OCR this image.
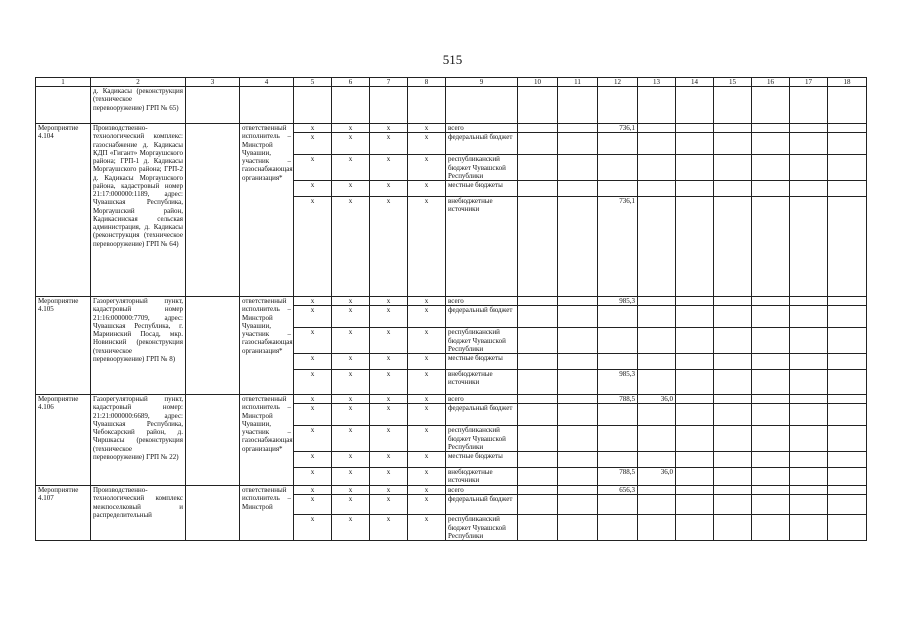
515
1	2	3	4	5	6	7	8	9	10	11	12	13	14	15	16	17	18
	д. Кадикасы (реконструкция (техническое перевооружение) ГРП № 65)																
Мероприятие 4.104	Производственно-технологический комплекс: газоснабжение д. Кадикасы КДП «Гигант» Моргаушского района; ГРП-1 д. Кадикасы Моргаушского района; ГРП-2 д. Кадикасы Моргаушского района, кадастровый номер 21:17:000000:1189, адрес: Чувашская Республика, Моргаушский район, Кадикасинская сельская администрация, д. Кадикасы (реконструкция (техническое перевооружение) ГРП № 64)		ответственный исполнитель – Минстрой Чувашии, участник – газоснабжающая организация*	x	x	x	x	всего			736,1						
				x	x	x	x	федеральный бюджет									
				x	x	x	x	республиканский бюджет Чувашской Республики									
				x	x	x	x	местные бюджеты									
				x	x	x	x	внебюджетные источники			736,1						
Мероприятие 4.105	Газорегуляторный пункт, кадастровый номер 21:16:000000:7709, адрес: Чувашская Республика, г. Мариинский Посад, мкр. Новинский (реконструкция (техническое перевооружение) ГРП № 8)		ответственный исполнитель – Минстрой Чувашии, участник – газоснабжающая организация*	x	x	x	x	всего			985,3						
				x	x	x	x	федеральный бюджет									
				x	x	x	x	республиканский бюджет Чувашской Республики									
				x	x	x	x	местные бюджеты									
				x	x	x	x	внебюджетные источники			985,3						
Мероприятие 4.106	Газорегуляторный пункт, кадастровый номер: 21:21:000000:6689, адрес: Чувашская Республика, Чебоксарский район, д. Чиршкасы (реконструкция (техническое перевооружение) ГРП № 22)		ответственный исполнитель – Минстрой Чувашии, участник – газоснабжающая организация*	x	x	x	x	всего			788,5	36,0					
				x	x	x	x	федеральный бюджет									
				x	x	x	x	республиканский бюджет Чувашской Республики									
				x	x	x	x	местные бюджеты									
				x	x	x	x	внебюджетные источники			788,5	36,0					
Мероприятие 4.107	Производственно-технологический комплекс межпоселковый и распределительный		ответственный исполнитель – Минстрой	x	x	x	x	всего			656,3						
				x	x	x	x	федеральный бюджет									
				x	x	x	x	республиканский бюджет Чувашской Республики									
